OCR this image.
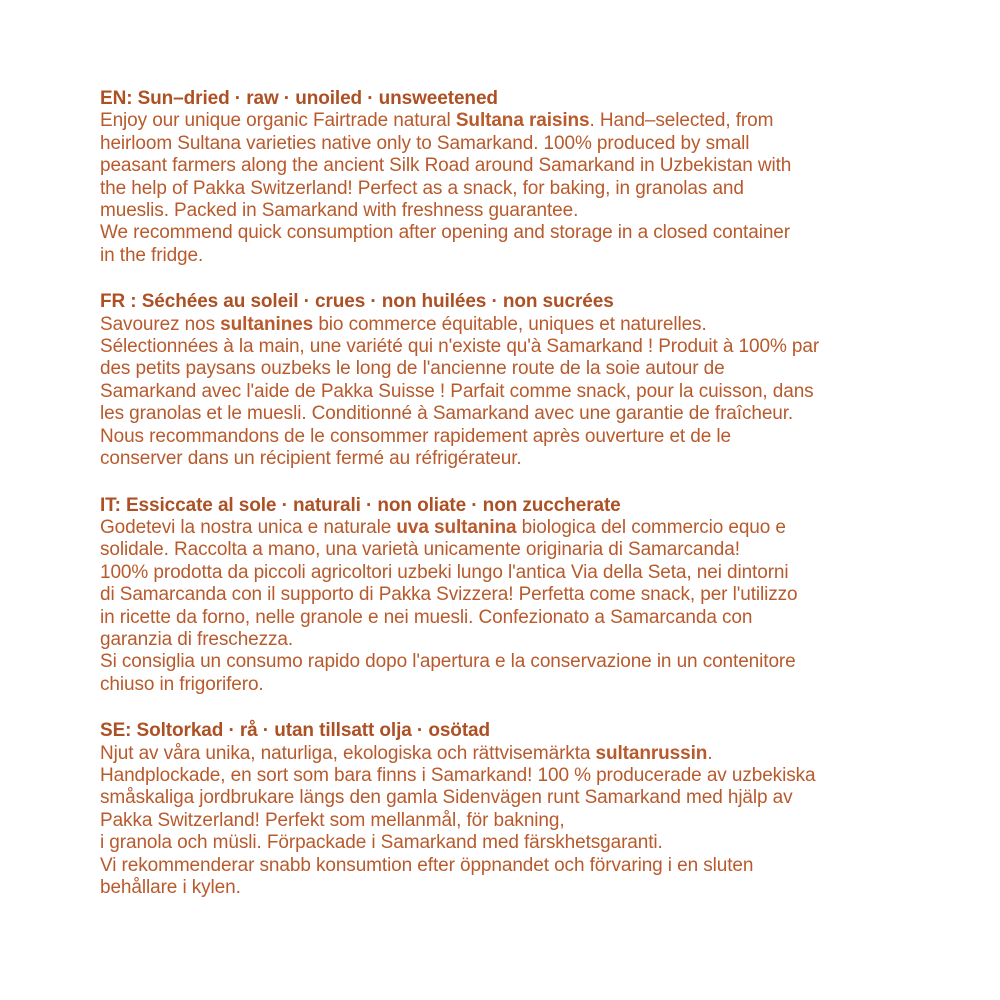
EN: Sun–dried · raw · unoiled · unsweetened
Enjoy our unique organic Fairtrade natural Sultana raisins. Hand–selected, from
heirloom Sultana varieties native only to Samarkand. 100% produced by small
peasant farmers along the ancient Silk Road around Samarkand in Uzbekistan with
the help of Pakka Switzerland! Perfect as a snack, for baking, in granolas and
mueslis. Packed in Samarkand with freshness guarantee.
We recommend quick consumption after opening and storage in a closed container
in the fridge.
FR : Séchées au soleil · crues · non huilées · non sucrées
Savourez nos sultanines bio commerce équitable, uniques et naturelles.
Sélectionnées à la main, une variété qui n'existe qu'à Samarkand ! Produit à 100% par
des petits paysans ouzbeks le long de l'ancienne route de la soie autour de
Samarkand avec l'aide de Pakka Suisse ! Parfait comme snack, pour la cuisson, dans
les granolas et le muesli. Conditionné à Samarkand avec une garantie de fraîcheur.
Nous recommandons de le consommer rapidement après ouverture et de le
conserver dans un récipient fermé au réfrigérateur.
IT: Essiccate al sole · naturali · non oliate · non zuccherate
Godetevi la nostra unica e naturale uva sultanina biologica del commercio equo e
solidale. Raccolta a mano, una varietà unicamente originaria di Samarcanda!
100% prodotta da piccoli agricoltori uzbeki lungo l'antica Via della Seta, nei dintorni
di Samarcanda con il supporto di Pakka Svizzera! Perfetta come snack, per l'utilizzo
in ricette da forno, nelle granole e nei muesli. Confezionato a Samarcanda con
garanzia di freschezza.
Si consiglia un consumo rapido dopo l'apertura e la conservazione in un contenitore
chiuso in frigorifero.
SE: Soltorkad · rå · utan tillsatt olja · osötad
Njut av våra unika, naturliga, ekologiska och rättvisemärkta sultanrussin.
Handplockade, en sort som bara finns i Samarkand! 100 % producerade av uzbekiska
småskaliga jordbrukare längs den gamla Sidenvägen runt Samarkand med hjälp av
Pakka Switzerland! Perfekt som mellanmål, för bakning,
i granola och müsli. Förpackade i Samarkand med färskhetsgaranti.
Vi rekommenderar snabb konsumtion efter öppnandet och förvaring i en sluten
behållare i kylen.
